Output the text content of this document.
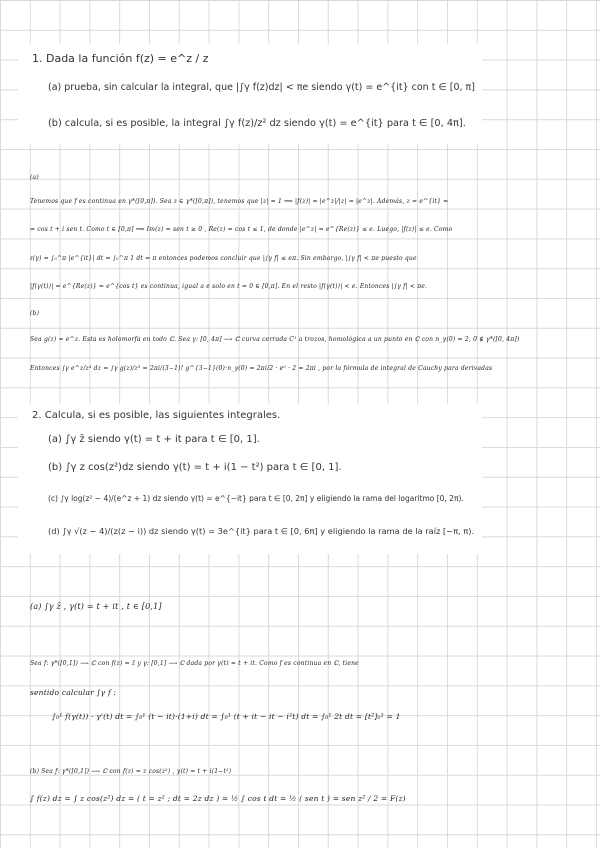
1. Dada la función f(z) = e^z / z
(a) prueba, sin calcular la integral, que |∫γ f(z)dz| < πe siendo γ(t) = e^{it} con t ∈ [0, π]
(b) calcula, si es posible, la integral ∫γ f(z)/z² dz siendo γ(t) = e^{it} para t ∈ [0, 4π].
(a)
Tenemos que f es continua en γ*([0,π]). Sea z ∈ γ*([0,π]), tenemos que |z| = 1 ⟹ |f(z)| = |e^z|/|z| = |e^z|. Además, z = e^{it} =
= cos t + i sen t. Como t ∈ [0,π] ⟹ Im(z) = sen t ≥ 0 , Re(z) = cos t ≤ 1, de donde |e^z| = e^{Re(z)} ≤ e. Luego, |f(z)| ≤ e. Como
ℓ(γ) = ∫₀^π |e^{it}| dt = ∫₀^π 1 dt = π entonces podemos concluir que |∫γ f| ≤ eπ. Sin embargo, |∫γ f| < πe puesto que
|f(γ(t))| = e^{Re(z)} = e^{cos t} es continua, igual a e solo en t = 0 ∈ [0,π]. En el resto |f(γ(t))| < e. Entonces |∫γ f| < πe.
(b)
Sea g(z) = e^z. Esta es holomorfa en todo ℂ. Sea γ: [0, 4π] ⟶ ℂ curva cerrada C¹ a trozos, homológica a un punto en ℂ con n_γ(0) = 2, 0 ∉ γ*([0, 4π])
Entonces ∫γ e^z/z³ dz = ∫γ g(z)/z³ = 2πi/(3−1)! g^{3−1}(0)·n_γ(0) = 2πi/2 · e⁰ · 2 = 2πi , por la fórmula de integral de Cauchy para derivadas
2. Calcula, si es posible, las siguientes integrales.
(a) ∫γ z̄ siendo γ(t) = t + it para t ∈ [0, 1].
(b) ∫γ z cos(z²)dz siendo γ(t) = t + i(1 − t²) para t ∈ [0, 1].
(c) ∫γ log(z² − 4)/(e^z + 1) dz siendo γ(t) = e^{−it} para t ∈ [0, 2π] y eligiendo la rama del logaritmo [0, 2π).
(d) ∫γ √(z − 4)/(z(z − i)) dz siendo γ(t) = 3e^{it} para t ∈ [0, 6π] y eligiendo la rama de la raíz [−π, π).
(a) ∫γ z̄ , γ(t) = t + it , t ∈ [0,1]
Sea f: γ*([0,1]) ⟶ ℂ con f(z) = z̄ y γ: [0,1] ⟶ ℂ dada por γ(t) = t + it. Como f es continua en ℂ, tiene
sentido calcular ∫γ f :
∫₀¹ f(γ(t)) · γ'(t) dt = ∫₀¹ (t − it)·(1+i) dt = ∫₀¹ (t + it − it − i²t) dt = ∫₀¹ 2t dt = [t²]₀¹ = 1
(b) Sea f: γ*([0,1]) ⟶ ℂ con f(z) = z cos(z²) , γ(t) = t + i(1−t²)
∫ f(z) dz = ∫ z cos(z²) dz = ( t = z² ; dt = 2z dz ) = ½ ∫ cos t dt = ½ ( sen t ) = sen z² / 2 = F(z)
